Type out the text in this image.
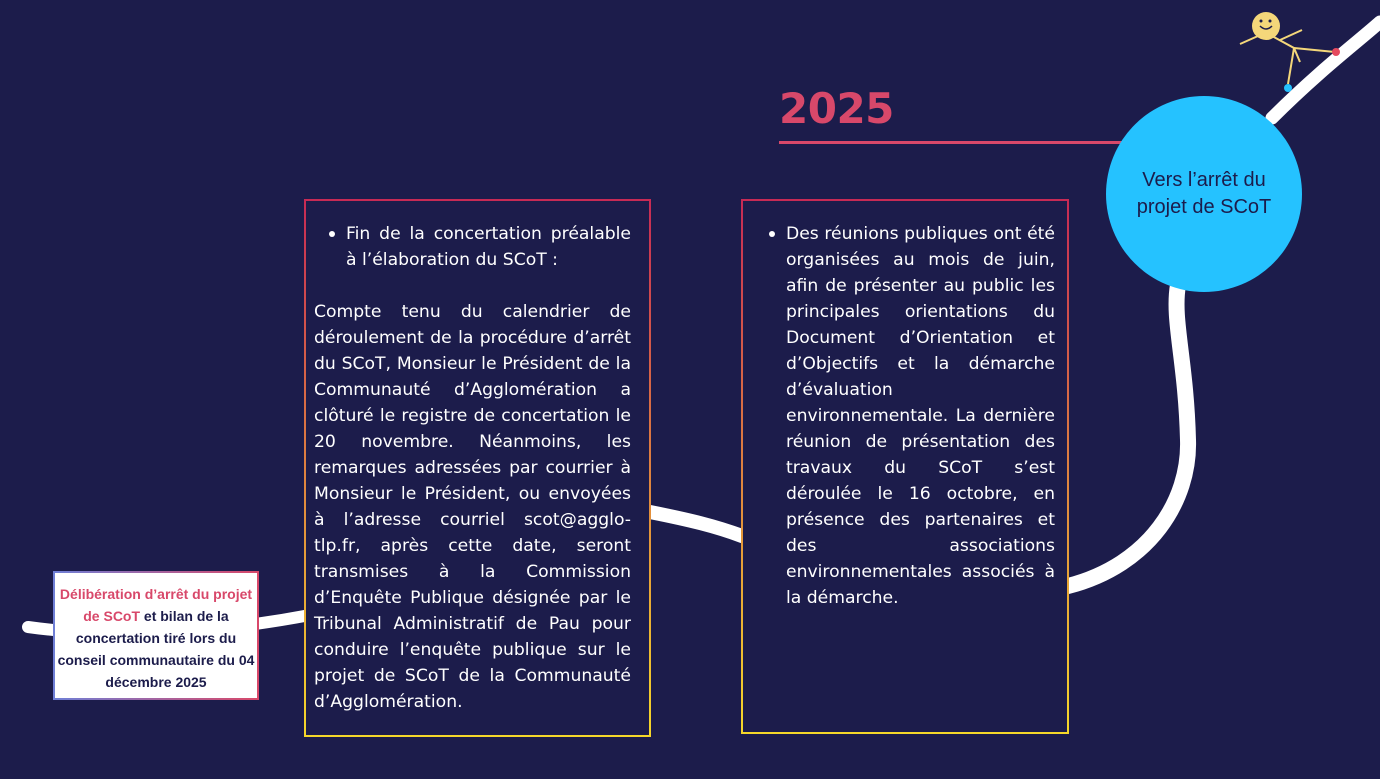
2025
Vers l’arrêt du projet de SCoT
Fin de la concertation préalable à l’élaboration du SCoT :
Compte tenu du calendrier de déroulement de la procédure d’arrêt du SCoT, Monsieur le Président de la Communauté d’Agglomération a clôturé le registre de concertation le 20 novembre. Néanmoins, les remarques adressées par courrier à Monsieur le Président, ou envoyées à l’adresse courriel scot@agglo-tlp.fr, après cette date, seront transmises à la Commission d’Enquête Publique désignée par le Tribunal Administratif de Pau pour conduire l’enquête publique sur le projet de SCoT de la Communauté d’Agglomération.
Des réunions publiques ont été organisées au mois de juin, afin de présenter au public les principales orientations du Document d’Orientation et d’Objectifs et la démarche d’évaluation environnementale. La dernière réunion de présentation des travaux du SCoT s’est déroulée le 16 octobre, en présence des partenaires et des associations environnementales associés à la démarche.
Délibération d’arrêt du projet de SCoT et bilan de la concertation tiré lors du conseil communautaire du 04 décembre 2025
